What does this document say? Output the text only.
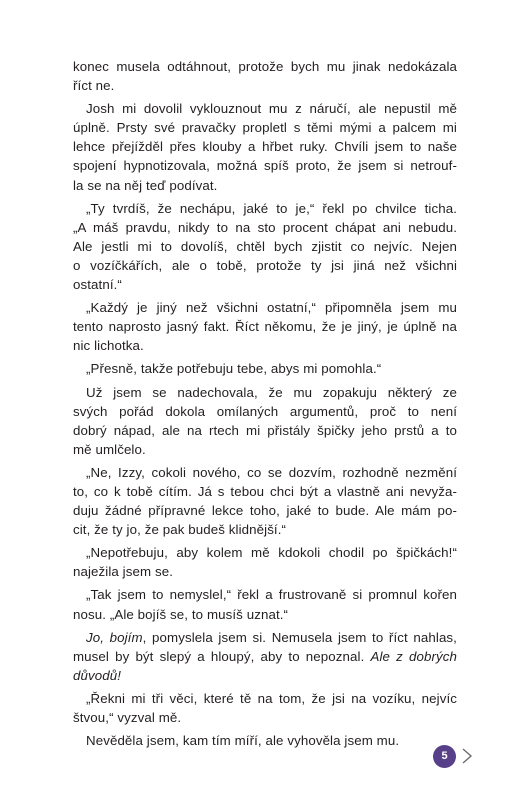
konec musela odtáhnout, protože bych mu jinak nedokázala
říct ne.
Josh mi dovolil vyklouznout mu z náručí, ale nepustil mě
úplně. Prsty své pravačky propletl s těmi mými a palcem mi
lehce přejížděl přes klouby a hřbet ruky. Chvíli jsem to naše
spojení hypnotizovala, možná spíš proto, že jsem si netrouf-
la se na něj teď podívat.
„Ty tvrdíš, že nechápu, jaké to je,“ řekl po chvilce ticha.
„A máš pravdu, nikdy to na sto procent chápat ani nebudu.
Ale jestli mi to dovolíš, chtěl bych zjistit co nejvíc. Nejen
o vozíčkářích, ale o tobě, protože ty jsi jiná než všichni
ostatní.“
„Každý je jiný než všichni ostatní,“ připomněla jsem mu
tento naprosto jasný fakt. Říct někomu, že je jiný, je úplně na
nic lichotka.
„Přesně, takže potřebuju tebe, abys mi pomohla.“
Už jsem se nadechovala, že mu zopakuju některý ze
svých pořád dokola omílaných argumentů, proč to není
dobrý nápad, ale na rtech mi přistály špičky jeho prstů a to
mě umlčelo.
„Ne, Izzy, cokoli nového, co se dozvím, rozhodně nezmění
to, co k tobě cítím. Já s tebou chci být a vlastně ani nevyža-
duju žádné přípravné lekce toho, jaké to bude. Ale mám po-
cit, že ty jo, že pak budeš klidnější.“
„Nepotřebuju, aby kolem mě kdokoli chodil po špičkách!“
naježila jsem se.
„Tak jsem to nemyslel,“ řekl a frustrovaně si promnul kořen
nosu. „Ale bojíš se, to musíš uznat.“
Jo, bojím, pomyslela jsem si. Nemusela jsem to říct nahlas,
musel by být slepý a hloupý, aby to nepoznal. Ale z dobrých
důvodů!
„Řekni mi tři věci, které tě na tom, že jsi na vozíku, nejvíc
štvou,“ vyzval mě.
Nevěděla jsem, kam tím míří, ale vyhověla jsem mu.
5
